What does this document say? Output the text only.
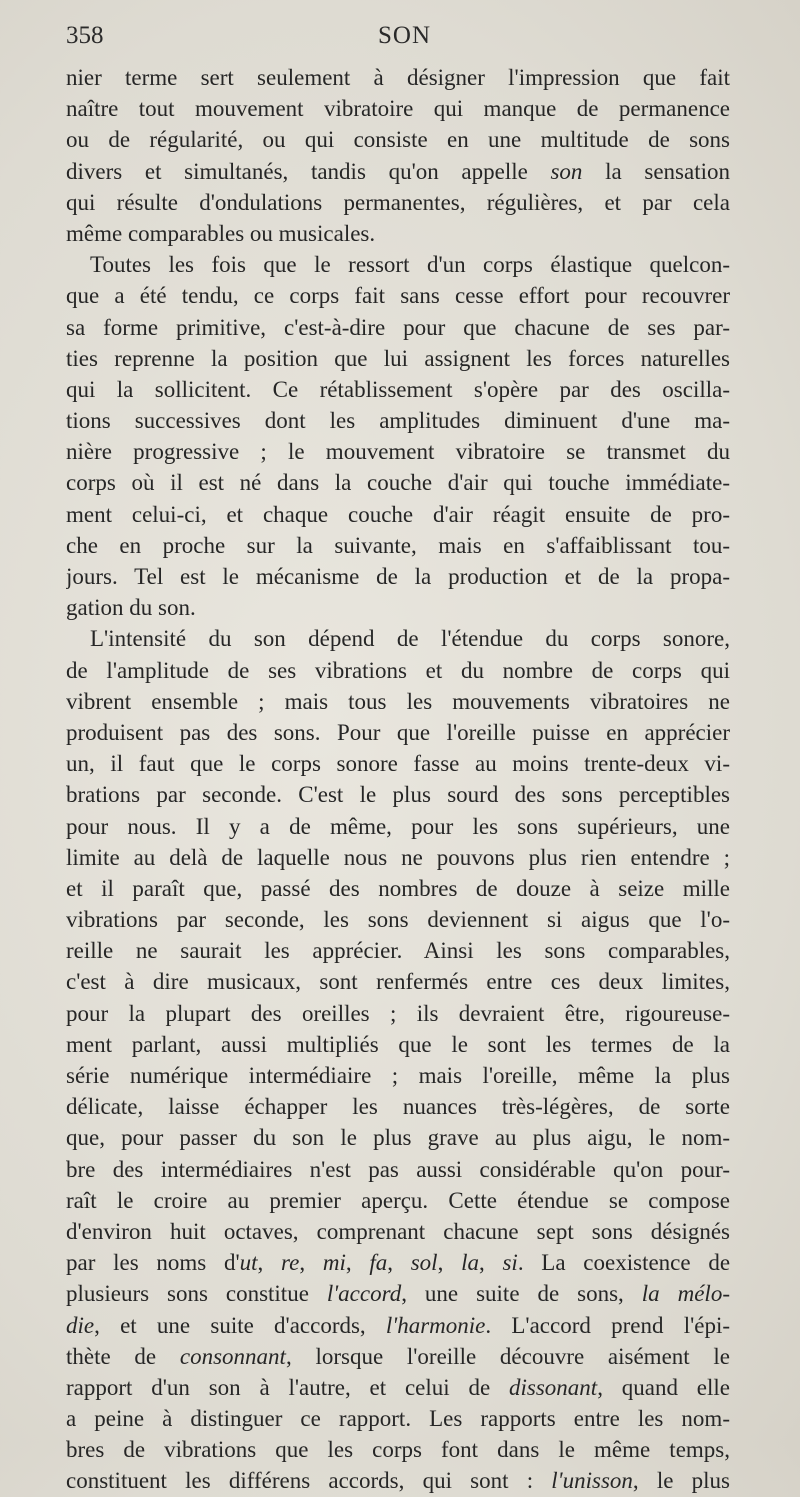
358	SON
nier terme sert seulement à désigner l'impression que fait
naître tout mouvement vibratoire qui manque de permanence
ou de régularité, ou qui consiste en une multitude de sons
divers et simultanés, tandis qu'on appelle son la sensation
qui résulte d'ondulations permanentes, régulières, et par cela
même comparables ou musicales.
Toutes les fois que le ressort d'un corps élastique quelcon-
que a été tendu, ce corps fait sans cesse effort pour recouvrer
sa forme primitive, c'est-à-dire pour que chacune de ses par-
ties reprenne la position que lui assignent les forces naturelles
qui la sollicitent. Ce rétablissement s'opère par des oscilla-
tions successives dont les amplitudes diminuent d'une ma-
nière progressive ; le mouvement vibratoire se transmet du
corps où il est né dans la couche d'air qui touche immédiate-
ment celui-ci, et chaque couche d'air réagit ensuite de pro-
che en proche sur la suivante, mais en s'affaiblissant tou-
jours. Tel est le mécanisme de la production et de la propa-
gation du son.
L'intensité du son dépend de l'étendue du corps sonore,
de l'amplitude de ses vibrations et du nombre de corps qui
vibrent ensemble ; mais tous les mouvements vibratoires ne
produisent pas des sons. Pour que l'oreille puisse en apprécier
un, il faut que le corps sonore fasse au moins trente-deux vi-
brations par seconde. C'est le plus sourd des sons perceptibles
pour nous. Il y a de même, pour les sons supérieurs, une
limite au delà de laquelle nous ne pouvons plus rien entendre ;
et il paraît que, passé des nombres de douze à seize mille
vibrations par seconde, les sons deviennent si aigus que l'o-
reille ne saurait les apprécier. Ainsi les sons comparables,
c'est à dire musicaux, sont renfermés entre ces deux limites,
pour la plupart des oreilles ; ils devraient être, rigoureuse-
ment parlant, aussi multipliés que le sont les termes de la
série numérique intermédiaire ; mais l'oreille, même la plus
délicate, laisse échapper les nuances très-légères, de sorte
que, pour passer du son le plus grave au plus aigu, le nom-
bre des intermédiaires n'est pas aussi considérable qu'on pour-
raît le croire au premier aperçu. Cette étendue se compose
d'environ huit octaves, comprenant chacune sept sons désignés
par les noms d'ut, re, mi, fa, sol, la, si. La coexistence de
plusieurs sons constitue l'accord, une suite de sons, la mélo-
die, et une suite d'accords, l'harmonie. L'accord prend l'épi-
thète de consonnant, lorsque l'oreille découvre aisément le
rapport d'un son à l'autre, et celui de dissonant, quand elle
a peine à distinguer ce rapport. Les rapports entre les nom-
bres de vibrations que les corps font dans le même temps,
constituent les différens accords, qui sont : l'unisson, le plus
